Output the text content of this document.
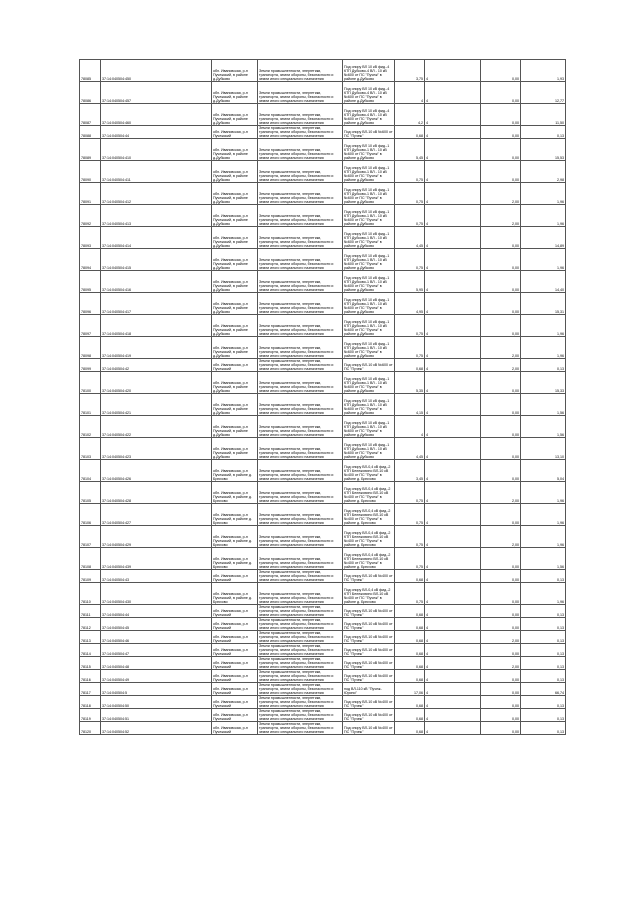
78085	37:14:040504:450	обл. Ивановская, р-н Пучежский, в районе д.Дубково	Земли промышленности, энергетики, транспорта, земли обороны, безопасности и земли иного специального назначения	Под опору ВЛ 10 кВ фид.-4 КТП Дубково-4 ВЛ - 10 кВ №600 от ПС "Пучеж" в районе д.Дубково	3,75	4	0,00	1,93
78086	37:14:040504:457	обл. Ивановская, р-н Пучежский, в районе д.Дубково	Земли промышленности, энергетики, транспорта, земли обороны, безопасности и земли иного специального назначения	Под опору ВЛ 10 кВ фид.-4 КТП Дубково-4 ВЛ - 10 кВ №600 от ПС "Пучеж" в районе д.Дубково	4	4	0,00	12,77
78087	37:14:040504:460	обл. Ивановская, р-н Пучежский, в районе д.Дубково	Земли промышленности, энергетики, транспорта, земли обороны, безопасности и земли иного специального назначения	Под опору ВЛ 10 кВ фид.-4 КТП Дубково-4 ВЛ - 10 кВ №600 от ПС "Пучеж" в районе д.Дубково	4,2	4	0,00	11,50
78088	37:14:040504:44	обл. Ивановская, р-н Пучежский	Земли промышленности, энергетики, транспорта, земли обороны, безопасности и земли иного специального назначения	Под опору ВЛ-10 кВ №600 от ПС "Пучеж"	0,68	4	0,00	0,13
78089	37:14:040504:410	обл. Ивановская, р-н Пучежский, в районе д.Дубково	Земли промышленности, энергетики, транспорта, земли обороны, безопасности и земли иного специального назначения	Под опору ВЛ 10 кВ фид.-1 КТП Дубково-1 ВЛ - 10 кВ №600 от ПС "Пучеж" в районе д.Дубково	5,45	4	0,00	15,53
78090	37:14:040504:411	обл. Ивановская, р-н Пучежский, в районе д.Дубково	Земли промышленности, энергетики, транспорта, земли обороны, безопасности и земли иного специального назначения	Под опору ВЛ 10 кВ фид.-1 КТП Дубково-1 ВЛ - 10 кВ №600 от ПС "Пучеж" в районе д.Дубково	0,75	4	0,00	2,98
78091	37:14:040504:412	обл. Ивановская, р-н Пучежский, в районе д.Дубково	Земли промышленности, энергетики, транспорта, земли обороны, безопасности и земли иного специального назначения	Под опору ВЛ 10 кВ фид.-1 КТП Дубково-1 ВЛ - 10 кВ №600 от ПС "Пучеж" в районе д.Дубково	0,75	4	2,00	1,96
78092	37:14:040504:413	обл. Ивановская, р-н Пучежский, в районе д.Дубково	Земли промышленности, энергетики, транспорта, земли обороны, безопасности и земли иного специального назначения	Под опору ВЛ 10 кВ фид.-1 КТП Дубково-1 ВЛ - 10 кВ №600 от ПС "Пучеж" в районе д.Дубково	0,75	4	2,00	1,96
78093	37:14:040504:414	обл. Ивановская, р-н Пучежский, в районе д.Дубково	Земли промышленности, энергетики, транспорта, земли обороны, безопасности и земли иного специального назначения	Под опору ВЛ 10 кВ фид.-1 КТП Дубково-1 ВЛ - 10 кВ №600 от ПС "Пучеж" в районе д.Дубково	4,45	4	0,00	14,89
78094	37:14:040504:415	обл. Ивановская, р-н Пучежский, в районе д.Дубково	Земли промышленности, энергетики, транспорта, земли обороны, безопасности и земли иного специального назначения	Под опору ВЛ 10 кВ фид.-1 КТП Дубково-1 ВЛ - 10 кВ №600 от ПС "Пучеж" в районе д.Дубково	0,75	4	0,00	1,96
78095	37:14:040504:416	обл. Ивановская, р-н Пучежский, в районе д.Дубково	Земли промышленности, энергетики, транспорта, земли обороны, безопасности и земли иного специального назначения	Под опору ВЛ 10 кВ фид.-1 КТП Дубково-1 ВЛ - 10 кВ №600 от ПС "Пучеж" в районе д.Дубково	5,95	4	0,00	14,40
78096	37:14:040504:417	обл. Ивановская, р-н Пучежский, в районе д.Дубково	Земли промышленности, энергетики, транспорта, земли обороны, безопасности и земли иного специального назначения	Под опору ВЛ 10 кВ фид.-1 КТП Дубково-1 ВЛ - 10 кВ №600 от ПС "Пучеж" в районе д.Дубково	4,95	4	0,00	15,31
78097	37:14:040504:418	обл. Ивановская, р-н Пучежский, в районе д.Дубково	Земли промышленности, энергетики, транспорта, земли обороны, безопасности и земли иного специального назначения	Под опору ВЛ 10 кВ фид.-1 КТП Дубково-1 ВЛ - 10 кВ №600 от ПС "Пучеж" в районе д.Дубково	0,75	4	0,00	1,96
78098	37:14:040504:419	обл. Ивановская, р-н Пучежский, в районе д.Дубково	Земли промышленности, энергетики, транспорта, земли обороны, безопасности и земли иного специального назначения	Под опору ВЛ 10 кВ фид.-1 КТП Дубково-1 ВЛ - 10 кВ №600 от ПС "Пучеж" в районе д.Дубково	0,75	4	2,00	1,96
78099	37:14:040504:42	обл. Ивановская, р-н Пучежский	Земли промышленности, энергетики, транспорта, земли обороны, безопасности и земли иного специального назначения	Под опору ВЛ-10 кВ №600 от ПС "Пучеж"	0,68	4	2,00	0,13
78100	37:14:040504:420	обл. Ивановская, р-н Пучежский, в районе д.Дубково	Земли промышленности, энергетики, транспорта, земли обороны, безопасности и земли иного специального назначения	Под опору ВЛ 10 кВ фид.-1 КТП Дубково-1 ВЛ - 10 кВ №600 от ПС "Пучеж" в районе д.Дубково	5,35	4	0,00	15,33
78101	37:14:040504:421	обл. Ивановская, р-н Пучежский, в районе д.Дубково	Земли промышленности, энергетики, транспорта, земли обороны, безопасности и земли иного специального назначения	Под опору ВЛ 10 кВ фид.-1 КТП Дубково-1 ВЛ - 10 кВ №600 от ПС "Пучеж" в районе д.Дубково	4,15	4	0,00	1,56
78102	37:14:040504:422	обл. Ивановская, р-н Пучежский, в районе д.Дубково	Земли промышленности, энергетики, транспорта, земли обороны, безопасности и земли иного специального назначения	Под опору ВЛ 10 кВ фид.-1 КТП Дубково-1 ВЛ - 10 кВ №600 от ПС "Пучеж" в районе д.Дубково	4	4	0,00	1,56
78103	37:14:040504:423	обл. Ивановская, р-н Пучежский, в районе д.Дубково	Земли промышленности, энергетики, транспорта, земли обороны, безопасности и земли иного специального назначения	Под опору ВЛ 10 кВ фид.-1 КТП Дубково-1 ВЛ - 10 кВ №600 от ПС "Пучеж" в районе д.Дубково	4,45	4	0,00	13,10
78104	37:14:040504:426	обл. Ивановская, р-н Пучежский, в районе д. Брюхово	Земли промышленности, энергетики, транспорта, земли обороны, безопасности и земли иного специального назначения	Под опору ВЛ-0,4 кВ фид.-2 КТП Бележихино ВЛ-10 кВ №400 от ПС "Пучеж" в районе д. Брюхово	3,45	4	0,00	5,04
78105	37:14:040504:428	обл. Ивановская, р-н Пучежский, в районе д. Брюхово	Земли промышленности, энергетики, транспорта, земли обороны, безопасности и земли иного специального назначения	Под опору ВЛ-0,4 кВ фид.-2 КТП Бележихино ВЛ-10 кВ №400 от ПС "Пучеж" в районе д. Брюхово	0,75	4	2,00	1,96
78106	37:14:040504:427	обл. Ивановская, р-н Пучежский, в районе д. Брюхово	Земли промышленности, энергетики, транспорта, земли обороны, безопасности и земли иного специального назначения	Под опору ВЛ-0,4 кВ фид.-2 КТП Бележихино ВЛ-10 кВ №400 от ПС "Пучеж" в районе д. Брюхово	0,75	4	0,00	1,96
78107	37:14:040504:429	обл. Ивановская, р-н Пучежский, в районе д. Брюхово	Земли промышленности, энергетики, транспорта, земли обороны, безопасности и земли иного специального назначения	Под опору ВЛ-0,4 кВ фид.-2 КТП Бележихино ВЛ-10 кВ №400 от ПС "Пучеж" в районе д. Брюхово	0,75	4	2,00	1,96
78108	37:14:040504:439	обл. Ивановская, р-н Пучежский, в районе д. Брюхово	Земли промышленности, энергетики, транспорта, земли обороны, безопасности и земли иного специального назначения	Под опору ВЛ-0,4 кВ фид.-2 КТП Бележихино ВЛ-10 кВ №400 от ПС "Пучеж" в районе д. Брюхово	0,75	4	0,00	1,56
78109	37:14:040504:43	обл. Ивановская, р-н Пучежский	Земли промышленности, энергетики, транспорта, земли обороны, безопасности и земли иного специального назначения	Под опору ВЛ-10 кВ №400 от ПС "Пучеж"	0,68	4	0,00	0,13
78110	37:14:040504:430	обл. Ивановская, р-н Пучежский, в районе д. Брюхово	Земли промышленности, энергетики, транспорта, земли обороны, безопасности и земли иного специального назначения	Под опору ВЛ-0,4 кВ фид.-2 КТП Бележихино ВЛ-10 кВ №400 от ПС "Пучеж" в районе д. Брюхово	0,75	4	0,00	1,96
78111	37:14:040504:44	обл. Ивановская, р-н Пучежский	Земли промышленности, энергетики, транспорта, земли обороны, безопасности и земли иного специального назначения	Под опору ВЛ-10 кВ №400 от ПС "Пучеж"	0,68	4	0,00	0,13
78112	37:14:040504:45	обл. Ивановская, р-н Пучежский	Земли промышленности, энергетики, транспорта, земли обороны, безопасности и земли иного специального назначения	Под опору ВЛ-10 кВ №400 от ПС "Пучеж"	0,68	4	0,00	0,13
78113	37:14:040504:46	обл. Ивановская, р-н Пучежский	Земли промышленности, энергетики, транспорта, земли обороны, безопасности и земли иного специального назначения	Под опору ВЛ-10 кВ №400 от ПС "Пучеж"	0,68	4	2,00	0,13
78114	37:14:040504:47	обл. Ивановская, р-н Пучежский	Земли промышленности, энергетики, транспорта, земли обороны, безопасности и земли иного специального назначения	Под опору ВЛ-10 кВ №400 от ПС "Пучеж"	0,68	4	0,00	0,13
78115	37:14:040504:48	обл. Ивановская, р-н Пучежский	Земли промышленности, энергетики, транспорта, земли обороны, безопасности и земли иного специального назначения	Под опору ВЛ-10 кВ №400 от ПС "Пучеж"	0,68	4	2,00	0,13
78116	37:14:040504:49	обл. Ивановская, р-н Пучежский	Земли промышленности, энергетики, транспорта, земли обороны, безопасности и земли иного специального назначения	Под опору ВЛ-10 кВ №400 от ПС "Пучеж"	0,68	4	0,00	0,13
78117	37:14:040504:5	обл. Ивановская, р-н Пучежский	Земли промышленности, энергетики, транспорта, земли обороны, безопасности и земли иного специального назначения	под ВЛ-110 кВ "Пучеж-Юрино"	17,06	4	0,00	66,74
78118	37:14:040504:50	обл. Ивановская, р-н Пучежский	Земли промышленности, энергетики, транспорта, земли обороны, безопасности и земли иного специального назначения	Под опору ВЛ-10 кВ №400 от ПС "Пучеж"	0,68	4	0,00	0,13
78119	37:14:040504:51	обл. Ивановская, р-н Пучежский	Земли промышленности, энергетики, транспорта, земли обороны, безопасности и земли иного специального назначения	Под опору ВЛ-10 кВ №400 от ПС "Пучеж"	0,68	4	0,00	0,13
78120	37:14:040504:52	обл. Ивановская, р-н Пучежский	Земли промышленности, энергетики, транспорта, земли обороны, безопасности и земли иного специального назначения	Под опору ВЛ-10 кВ №400 от ПС "Пучеж"	0,68	4	0,00	0,13
